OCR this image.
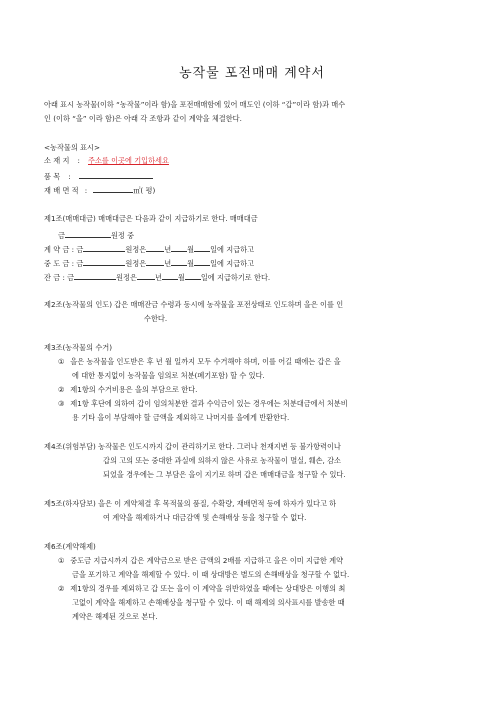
농작물 포전매매 계약서
아래 표시 농작물(이하 “농작물”이라 함)을 포전매매함에 있어 매도인 (이하 “갑”이라 함)과 매수
인 (이하 “을” 이라 함)은 아래 각 조항과 같이 계약을 체결한다.
<농작물의 표시>
소 재 지 : 주소를 이곳에 기입하세요
품 목 :
재 배 면 적 :	㎡( 평)
제1조(매매대금) 매매대금은 다음과 같이 지급하기로 한다. 매매대금
금	원정 중
계 약 금 : 금	원정은	년 월 일에 지급하고
중 도 금 : 금	원정은	년 월 일에 지급하고
잔 금 : 금	원정은	년 월 일에 지급하기로 한다.
제2조(농작물의 인도) 갑은 매매잔금 수령과 동시에 농작물을 포전상태로 인도하며 을은 이를 인
수한다.
제3조(농작물의 수거)
① 을은 농작물을 인도받은 후 년 월 일까지 모두 수거해야 하며, 이를 어길 때에는 갑은 을
에 대한 통지없이 농작물을 임의로 처분(폐기포함) 할 수 있다.
② 제1항의 수거비용은 을의 부담으로 한다.
③ 제1항 후단에 의하여 갑이 임의처분한 결과 수익금이 있는 경우에는 처분대금에서 처분비
용 기타 을이 부담해야 할 금액을 제외하고 나머지를 을에게 반환한다.
제4조(위험부담) 농작물은 인도시까지 갑이 관리하기로 한다. 그러나 천재지변 등 불가항력이나
갑의 고의 또는 중대한 과실에 의하지 않은 사유로 농작물이 멸실, 훼손, 감소
되었을 경우에는 그 부담은 을이 지기로 하며 갑은 매매대금을 청구할 수 있다.
제5조(하자담보) 을은 이 계약체결 후 목적물의 품질, 수확량, 재배면적 등에 하자가 있다고 하
여 계약을 해제하거나 대금감액 및 손해배상 등을 청구할 수 없다.
제6조(계약해제)
① 중도금 지급시까지 갑은 계약금으로 받은 금액의 2배를 지급하고 을은 이미 지급한 계약
금을 포기하고 계약을 해제할 수 있다. 이 때 상대방은 별도의 손해배상을 청구할 수 없다.
② 제1항의 경우를 제외하고 갑 또는 을이 이 계약을 위반하였을 때에는 상대방은 이행의 최
고없이 계약을 해제하고 손해배상을 청구할 수 있다. 이 때 해제의 의사표시를 발송한 때
계약은 해제된 것으로 본다.
